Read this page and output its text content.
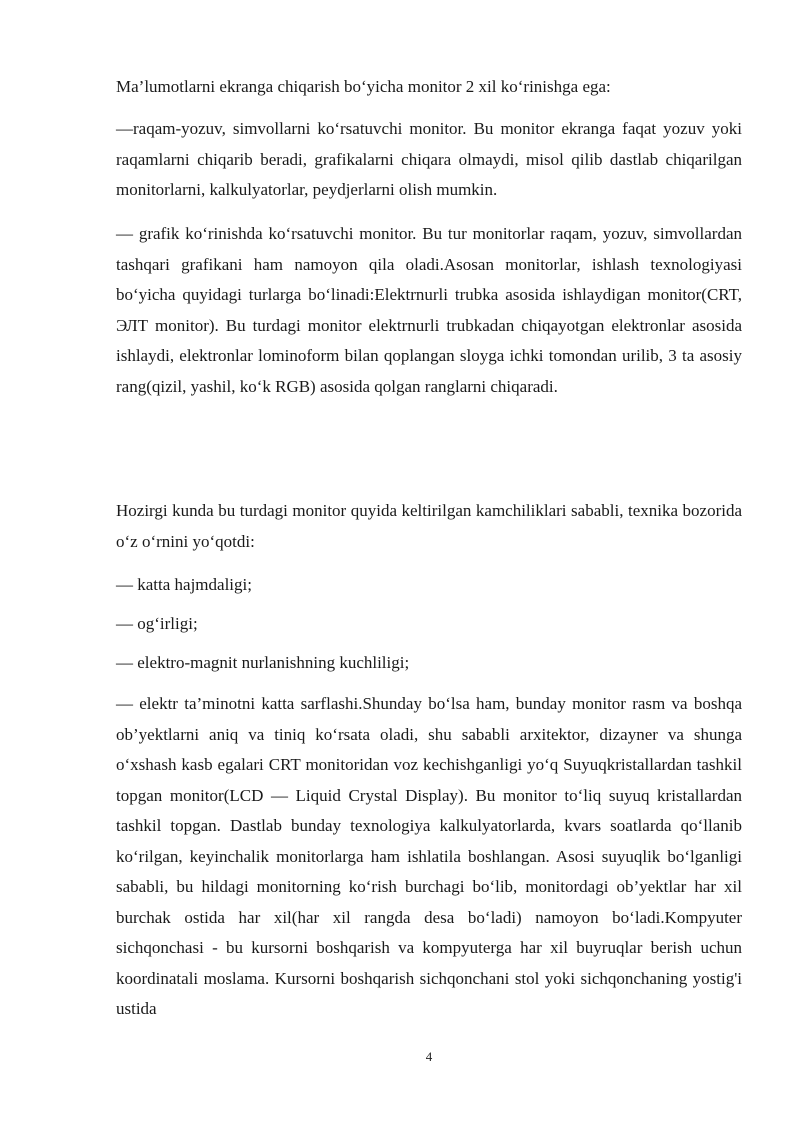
Ma’lumotlarni ekranga chiqarish bo‘yicha monitor 2 xil ko‘rinishga ega:

—raqam-yozuv, simvollarni ko‘rsatuvchi monitor. Bu monitor ekranga faqat yozuv yoki raqamlarni chiqarib beradi, grafikalarni chiqara olmaydi, misol qilib dastlab chiqarilgan monitorlarni, kalkulyatorlar, peydjerlarni olish mumkin.

— grafik ko‘rinishda ko‘rsatuvchi monitor. Bu tur monitorlar raqam, yozuv, simvollardan tashqari grafikani ham namoyon qila oladi.Asosan monitorlar, ishlash texnologiyasi bo‘yicha quyidagi turlarga bo‘linadi:Elektrnurli trubka asosida ishlaydigan monitor(CRT, ЭЛТ monitor). Bu turdagi monitor elektrnurli trubkadan chiqayotgan elektronlar asosida ishlaydi, elektronlar lominoform bilan qoplangan sloyga ichki tomondan urilib, 3 ta asosiy rang(qizil, yashil, ko‘k RGB) asosida qolgan ranglarni chiqaradi.

Hozirgi kunda bu turdagi monitor quyida keltirilgan kamchiliklari sababli, texnika bozorida o‘z o‘rnini yo‘qotdi:

— katta hajmdaligi;

— og‘irligi;

— elektro-magnit nurlanishning kuchliligi;

— elektr ta’minotni katta sarflashi.Shunday bo‘lsa ham, bunday monitor rasm va boshqa ob’yektlarni aniq va tiniq ko‘rsata oladi, shu sababli arxitektor, dizayner va shunga o‘xshash kasb egalari CRT monitoridan voz kechishganligi yo‘q Suyuqkristallardan tashkil topgan monitor(LCD — Liquid Crystal Display). Bu monitor to‘liq suyuq kristallardan tashkil topgan. Dastlab bunday texnologiya kalkulyatorlarda, kvars soatlarda qo‘llanib ko‘rilgan, keyinchalik monitorlarga ham ishlatila boshlangan. Asosi suyuqlik bo‘lganligi sababli, bu hildagi monitorning ko‘rish burchagi bo‘lib, monitordagi ob’yektlar har xil burchak ostida har xil(har xil rangda desa bo‘ladi) namoyon bo‘ladi.Kompyuter sichqonchasi - bu kursorni boshqarish va kompyuterga har xil buyruqlar berish uchun koordinatali moslama. Kursorni boshqarish sichqonchani stol yoki sichqonchaning yostig'i ustida

4
